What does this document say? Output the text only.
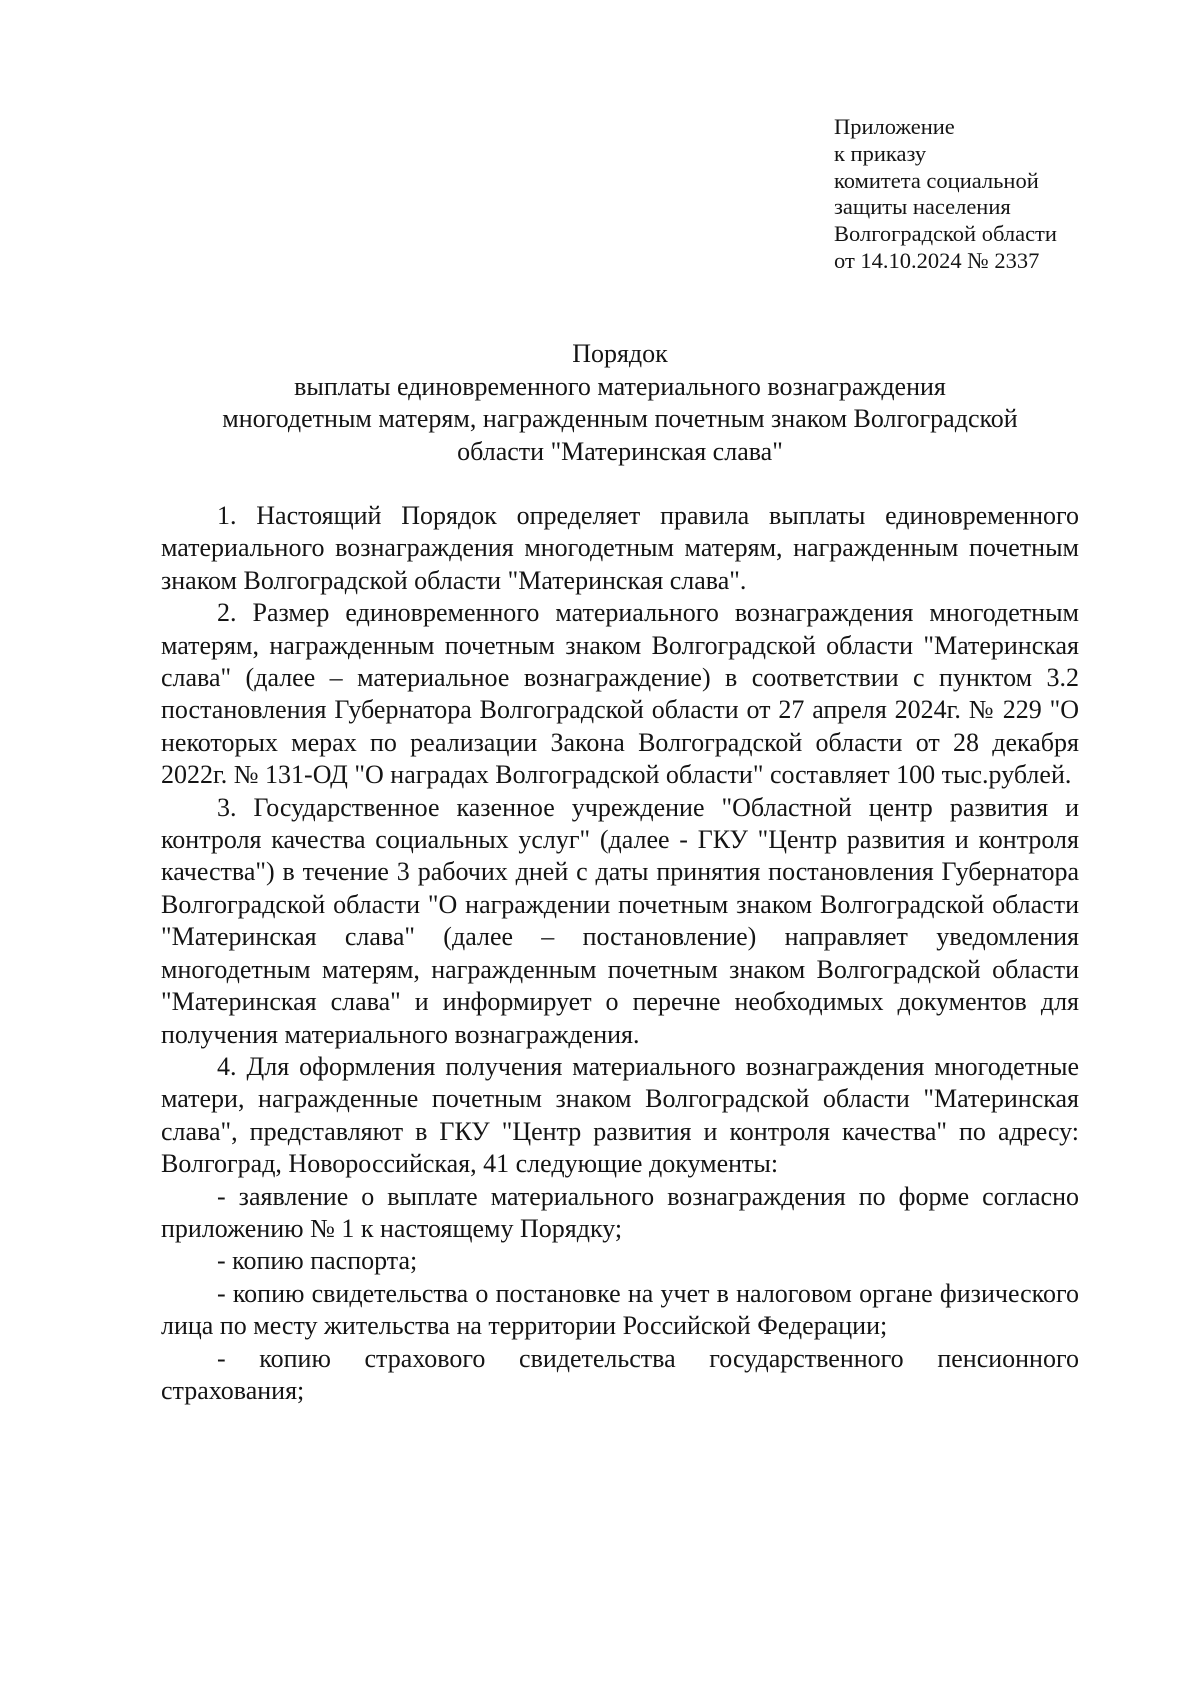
Приложение
к приказу
комитета социальной
защиты населения
Волгоградской области
от 14.10.2024 № 2337
Порядок
выплаты единовременного материального вознаграждения
многодетным матерям, награжденным почетным знаком Волгоградской
области "Материнская слава"

1. Настоящий Порядок определяет правила выплаты единовременного материального вознаграждения многодетным матерям, награжденным почетным знаком Волгоградской области "Материнская слава".

2. Размер единовременного материального вознаграждения многодетным матерям, награжденным почетным знаком Волгоградской области "Материнская слава" (далее – материальное вознаграждение) в соответствии с пунктом 3.2 постановления Губернатора Волгоградской области от 27 апреля 2024г. № 229 "О некоторых мерах по реализации Закона Волгоградской области от 28 декабря 2022г. № 131-ОД "О наградах Волгоградской области" составляет 100 тыс.рублей.

3. Государственное казенное учреждение "Областной центр развития и контроля качества социальных услуг" (далее - ГКУ "Центр развития и контроля качества") в течение 3 рабочих дней с даты принятия постановления Губернатора Волгоградской области "О награждении почетным знаком Волгоградской области "Материнская слава" (далее – постановление) направляет уведомления многодетным матерям, награжденным почетным знаком Волгоградской области "Материнская слава" и информирует о перечне необходимых документов для получения материального вознаграждения.

4. Для оформления получения материального вознаграждения многодетные матери, награжденные почетным знаком Волгоградской области "Материнская слава", представляют в ГКУ "Центр развития и контроля качества" по адресу: Волгоград, Новороссийская, 41 следующие документы:

- заявление о выплате материального вознаграждения по форме согласно приложению № 1 к настоящему Порядку;

- копию паспорта;

- копию свидетельства о постановке на учет в налоговом органе физического лица по месту жительства на территории Российской Федерации;

- копию страхового свидетельства государственного пенсионного страхования;
